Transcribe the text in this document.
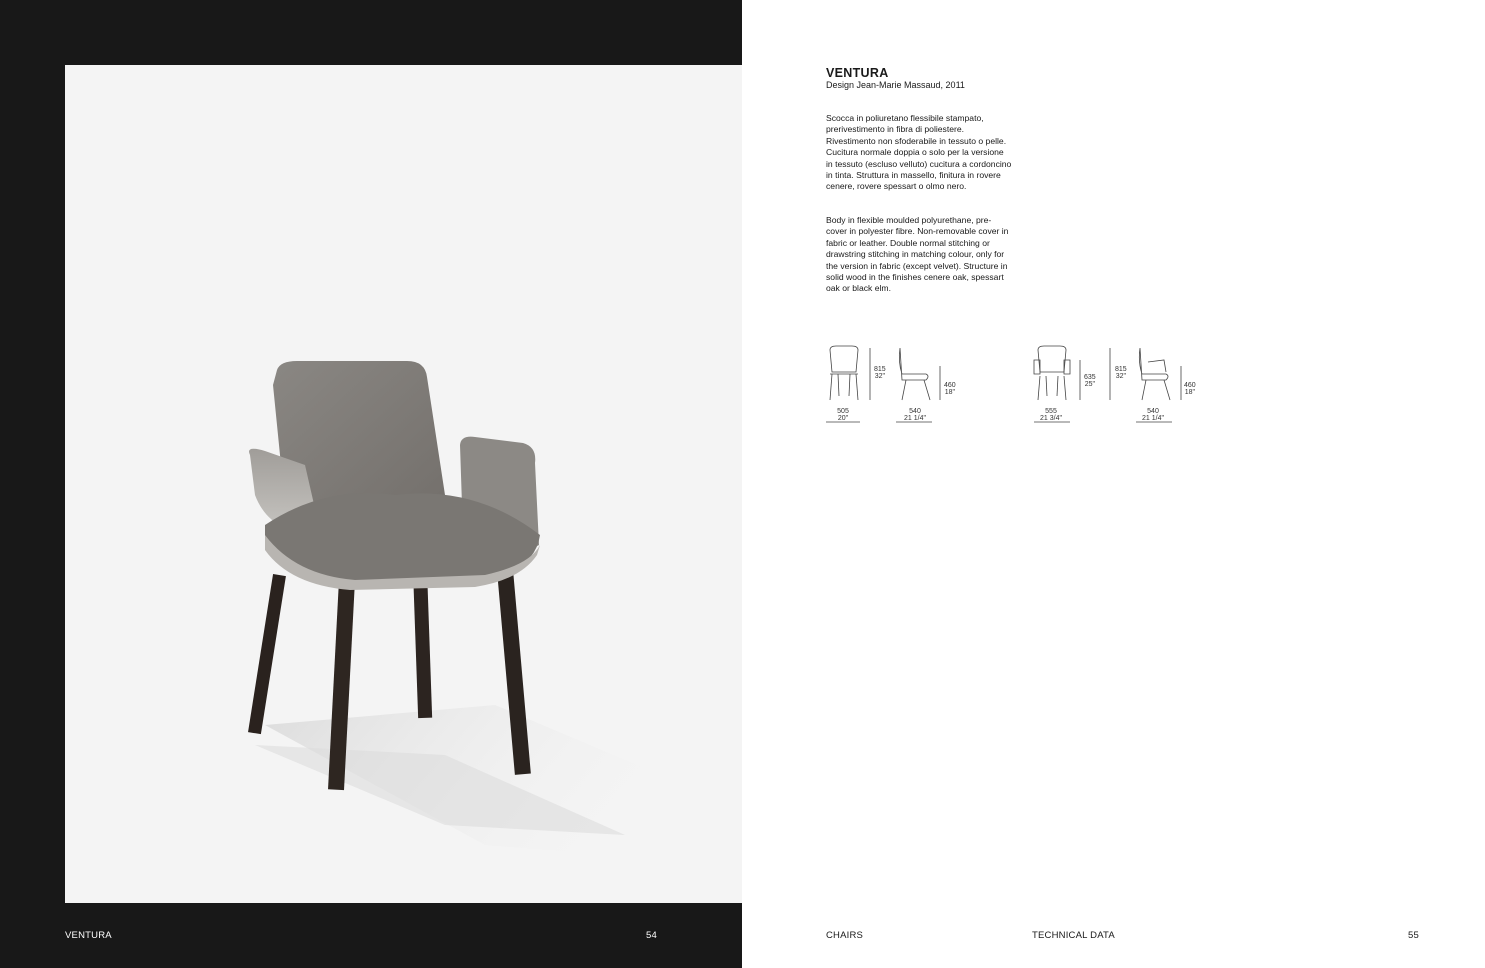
VENTURA	54
VENTURA
Design Jean-Marie Massaud, 2011
Scocca in poliuretano flessibile stampato, prerivestimento in fibra di poliestere. Rivestimento non sfoderabile in tessuto o pelle. Cucitura normale doppia o solo per la versione in tessuto (escluso velluto) cucitura a cordoncino in tinta. Struttura in massello, finitura in rovere cenere, rovere spessart o olmo nero.
Body in flexible moulded polyurethane, pre-cover in polyester fibre. Non-removable cover in fabric or leather. Double normal stitching or drawstring stitching in matching colour, only for the version in fabric (except velvet). Structure in solid wood in the finishes cenere oak, spessart oak or black elm.
815
32"
460
18"
505
20"
540
21 1/4"
635
25"
815
32"
460
18"
555
21 3/4"
540
21 1/4"
CHAIRS	TECHNICAL DATA	55
